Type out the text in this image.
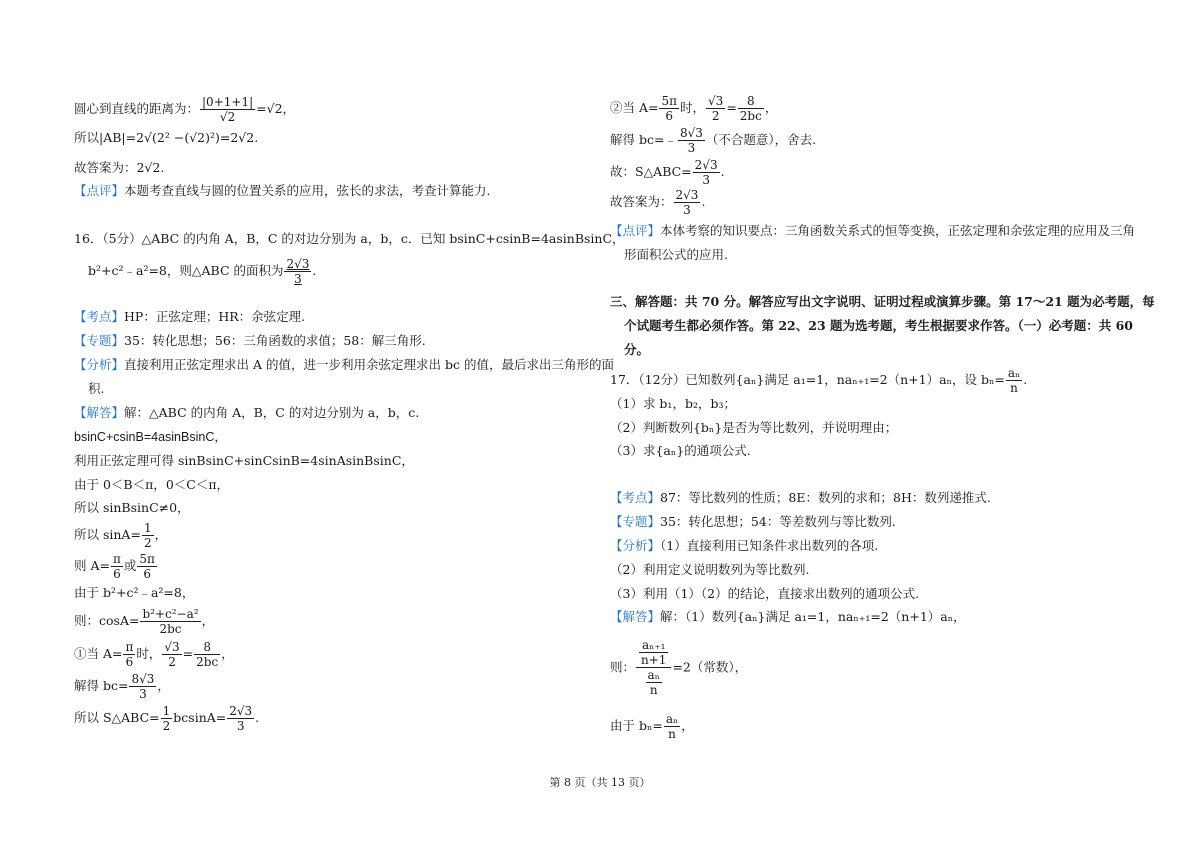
圆心到直线的距离为： $\frac{|0+1+1|}{√2} =√2$，
所以|AB|=2√(2² −(√2)²)=2√2.
故答案为：2√2.
【点评】本题考查直线与圆的位置关系的应用，弦长的求法，考查计算能力.
16．（5分）△ABC 的内角 A，B，C 的对边分别为 a，b，c．已知 bsinC+csinB=4asinBsinC，
b²+c²﹣a²=8，则△ABC 的面积为 $\frac{2√3}{3}$ .
【考点】HP：正弦定理；HR：余弦定理.
【专题】35：转化思想；56：三角函数的求值；58：解三角形.
【分析】直接利用正弦定理求出 A 的值，进一步利用余弦定理求出 bc 的值，最后求出三角形的面
积.
【解答】解：△ABC 的内角 A，B，C 的对边分别为 a，b，c.
bsinC+csinB=4asinBsinC，
利用正弦定理可得 sinBsinC+sinCsinB=4sinAsinBsinC，
由于 0＜B＜π，0＜C＜π，
所以 sinBsinC≠0，
所以 $\sin A= \frac{1}{2}$ ，
则 $A= \frac{\pi}{6}$ 或 $\frac{5\pi}{6}$
由于 b²+c²﹣a²=8，
则：$\cos A= \frac{\text{b²+c²−a²}}{2bc}$ ，
①当 $A= \frac{\pi}{6}$ 时， $\frac{√3}{2} = \frac{8}{2bc}$ ，
解得 $bc= \frac{8√3}{3}$ ，
所以 S△ABC= $\frac{1}{2} bcsinA= \frac{2√3}{3}$ .
②当 $A= \frac{5\pi}{6}$ 时， $\frac{√3}{2} = \frac{8}{2bc}$ ，
解得 bc=﹣ $\frac{8√3}{3}$ （不合题意），舍去.
故：S△ABC= $\frac{2√3}{3}$ .
故答案为： $\frac{2√3}{3}$ .
【点评】本体考察的知识要点：三角函数关系式的恒等变换，正弦定理和余弦定理的应用及三角
形面积公式的应用.
三、解答题：共 70 分。解答应写出文字说明、证明过程或演算步骤。第 17～21 题为必考题，每
个试题考生都必须作答。第 22、23 题为选考题，考生根据要求作答。（一）必考题：共 60
分。
17．（12分）已知数列{aₙ}满足 a₁=1，naₙ₊₁=2（n+1）aₙ，设 $b_n= \frac{\text{aₙ}}{n}$ .
（1）求 b₁，b₂，b₃；
（2）判断数列{bₙ}是否为等比数列，并说明理由；
（3）求{aₙ}的通项公式.
【考点】87：等比数列的性质；8E：数列的求和；8H：数列递推式.
【专题】35：转化思想；54：等差数列与等比数列.
【分析】（1）直接利用已知条件求出数列的各项.
（2）利用定义说明数列为等比数列.
（3）利用（1）（2）的结论，直接求出数列的通项公式.
【解答】解：（1）数列{aₙ}满足 a₁=1，naₙ₊₁=2（n+1）aₙ，
则： $\frac{\frac{\text{aₙ₊₁}}{n+1}}{\frac{\text{aₙ}}{n}} =2$（常数），
由于 $b_n= \frac{\text{aₙ}}{n}$ ，
第 8 页（共 13 页）
